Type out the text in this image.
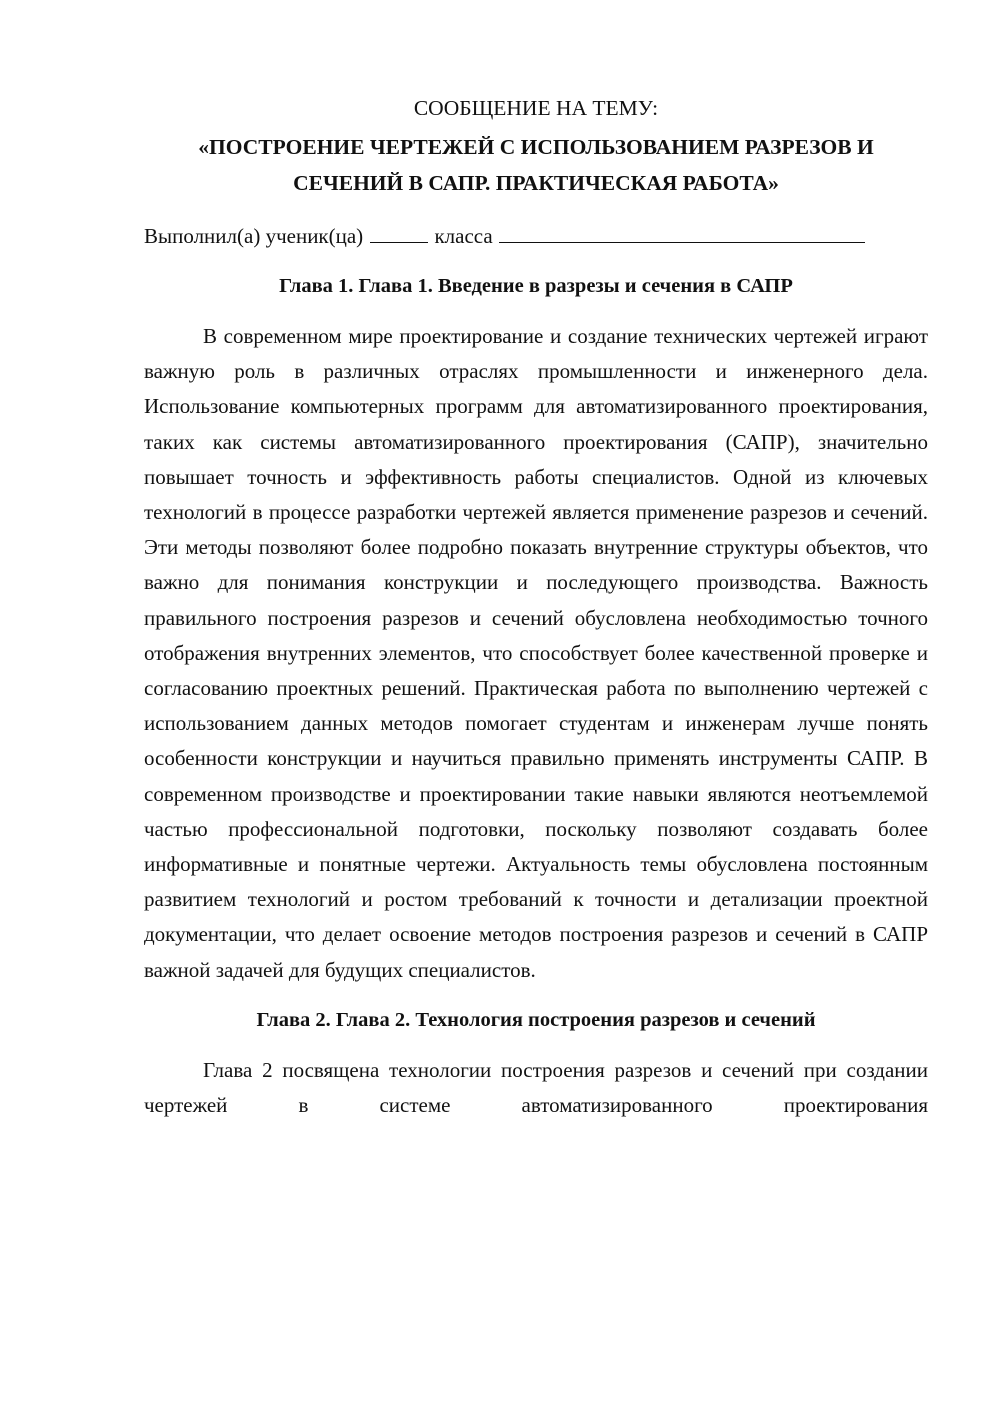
СООБЩЕНИЕ НА ТЕМУ:

«ПОСТРОЕНИЕ ЧЕРТЕЖЕЙ С ИСПОЛЬЗОВАНИЕМ РАЗРЕЗОВ И
СЕЧЕНИЙ В САПР. ПРАКТИЧЕСКАЯ РАБОТА»

Выполнил(а) ученик(ца)	класса

Глава 1. Глава 1. Введение в разрезы и сечения в САПР

В современном мире проектирование и создание технических чертежей играют важную роль в различных отраслях промышленности и инженерного дела. Использование компьютерных программ для автоматизированного проектирования, таких как системы автоматизированного проектирования (САПР), значительно повышает точность и эффективность работы специалистов. Одной из ключевых технологий в процессе разработки чертежей является применение разрезов и сечений. Эти методы позволяют более подробно показать внутренние структуры объектов, что важно для понимания конструкции и последующего производства. Важность правильного построения разрезов и сечений обусловлена необходимостью точного отображения внутренних элементов, что способствует более качественной проверке и согласованию проектных решений. Практическая работа по выполнению чертежей с использованием данных методов помогает студентам и инженерам лучше понять особенности конструкции и научиться правильно применять инструменты САПР. В современном производстве и проектировании такие навыки являются неотъемлемой частью профессиональной подготовки, поскольку позволяют создавать более информативные и понятные чертежи. Актуальность темы обусловлена постоянным развитием технологий и ростом требований к точности и детализации проектной документации, что делает освоение методов построения разрезов и сечений в САПР важной задачей для будущих специалистов.

Глава 2. Глава 2. Технология построения разрезов и сечений

Глава 2 посвящена технологии построения разрезов и сечений при создании чертежей в системе автоматизированного проектирования
